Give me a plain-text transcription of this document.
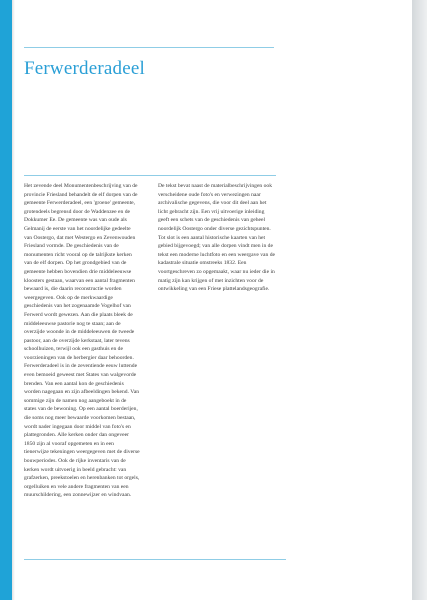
Ferwerderadeel

Het zevende deel Monumentenbeschrijving van de provincie Friesland behandelt de elf dorpen van de gemeente Ferwerderadeel, een 'groene' gemeente, grotendeels begrensd door de Waddenzee en de Dokkumer Ee. De gemeente was van oude als Gelmanij de eerste van het noordelijke gedeelte van Oostergo, dat met Westergo en Zevenwouden Friesland vormde. De geschiedenis van de monumenten richt vooral op de talrijkste kerken van de elf dorpen. Op het grondgebied van de gemeente hebben bovendien drie middeleeuwse kloosters gestaan, waarvan een aantal fragmenten bewaard is, die daarin reconstructie worden weergegeven. Ook op de merkwaardige geschiedenis van het zogenaamde Vogelhof van Ferwerd wordt gewezen. Aan die plaats bleek de middeleeuwse pastorie nog te staan; aan de overzijde woonde in de middeleeuwen de tweede pastoor, aan de overzijde kerkstaat, later tevens schoolhuizen, terwijl ook een gasthuis en de voorzieningen van de herbergier daar behoorden. Ferwerderadeel is in de zeventiende eeuw luttende even bemoeid geweest met States van walgevorde brenden. Van een aantal kon de geschiedenis worden nagegaan en zijn afbeeldingen bekend. Van sommige zijn de namen nog aangeboekt in de states van de bewoning. Op een aantal boerderijen, die soms nog meer bewaarde voorkomen bestaan, wordt nader ingegaan door middel van foto's en plattegronden. Alle kerken onder dan ongeveer 1850 zijn al vooraf opgemeten en in een tienerwijze tekeningen weergegeven met de diverse bouwperiodes. Ook de rijke inventaris van de kerken wordt uitvoerig in beeld gebracht: van grafzerken, preekstoelen en herenbanken tot orgels, orgelluiken en vele andere fragmenten van een muurschildering, een zonnewijzer en windvaan.

De tekst bevat naast de materialbeschrijvingen ook verscheidene oude foto's en verwezingen naar archivalische gegevens, die voor dit deel aan het licht gebracht zijn. Een vrij uitvoerige inleiding geeft een schets van de geschiedenis van geheel noordelijk Oostergo onder diverse gezichtspunten. Tot slot is een aantal historische kaarten van het gebied bijgevoegd; van alle dorpen vindt men in de tekst een moderne luchtfoto en een weergave van de kadastrale situatie omstreeks 1832. Een voortgeschreven zo opgemaakt, waar nu ieder die in matig zijn kan krijgen of met inzichten voor de ontwikkeling van een Friese plattelandsgeografie.
